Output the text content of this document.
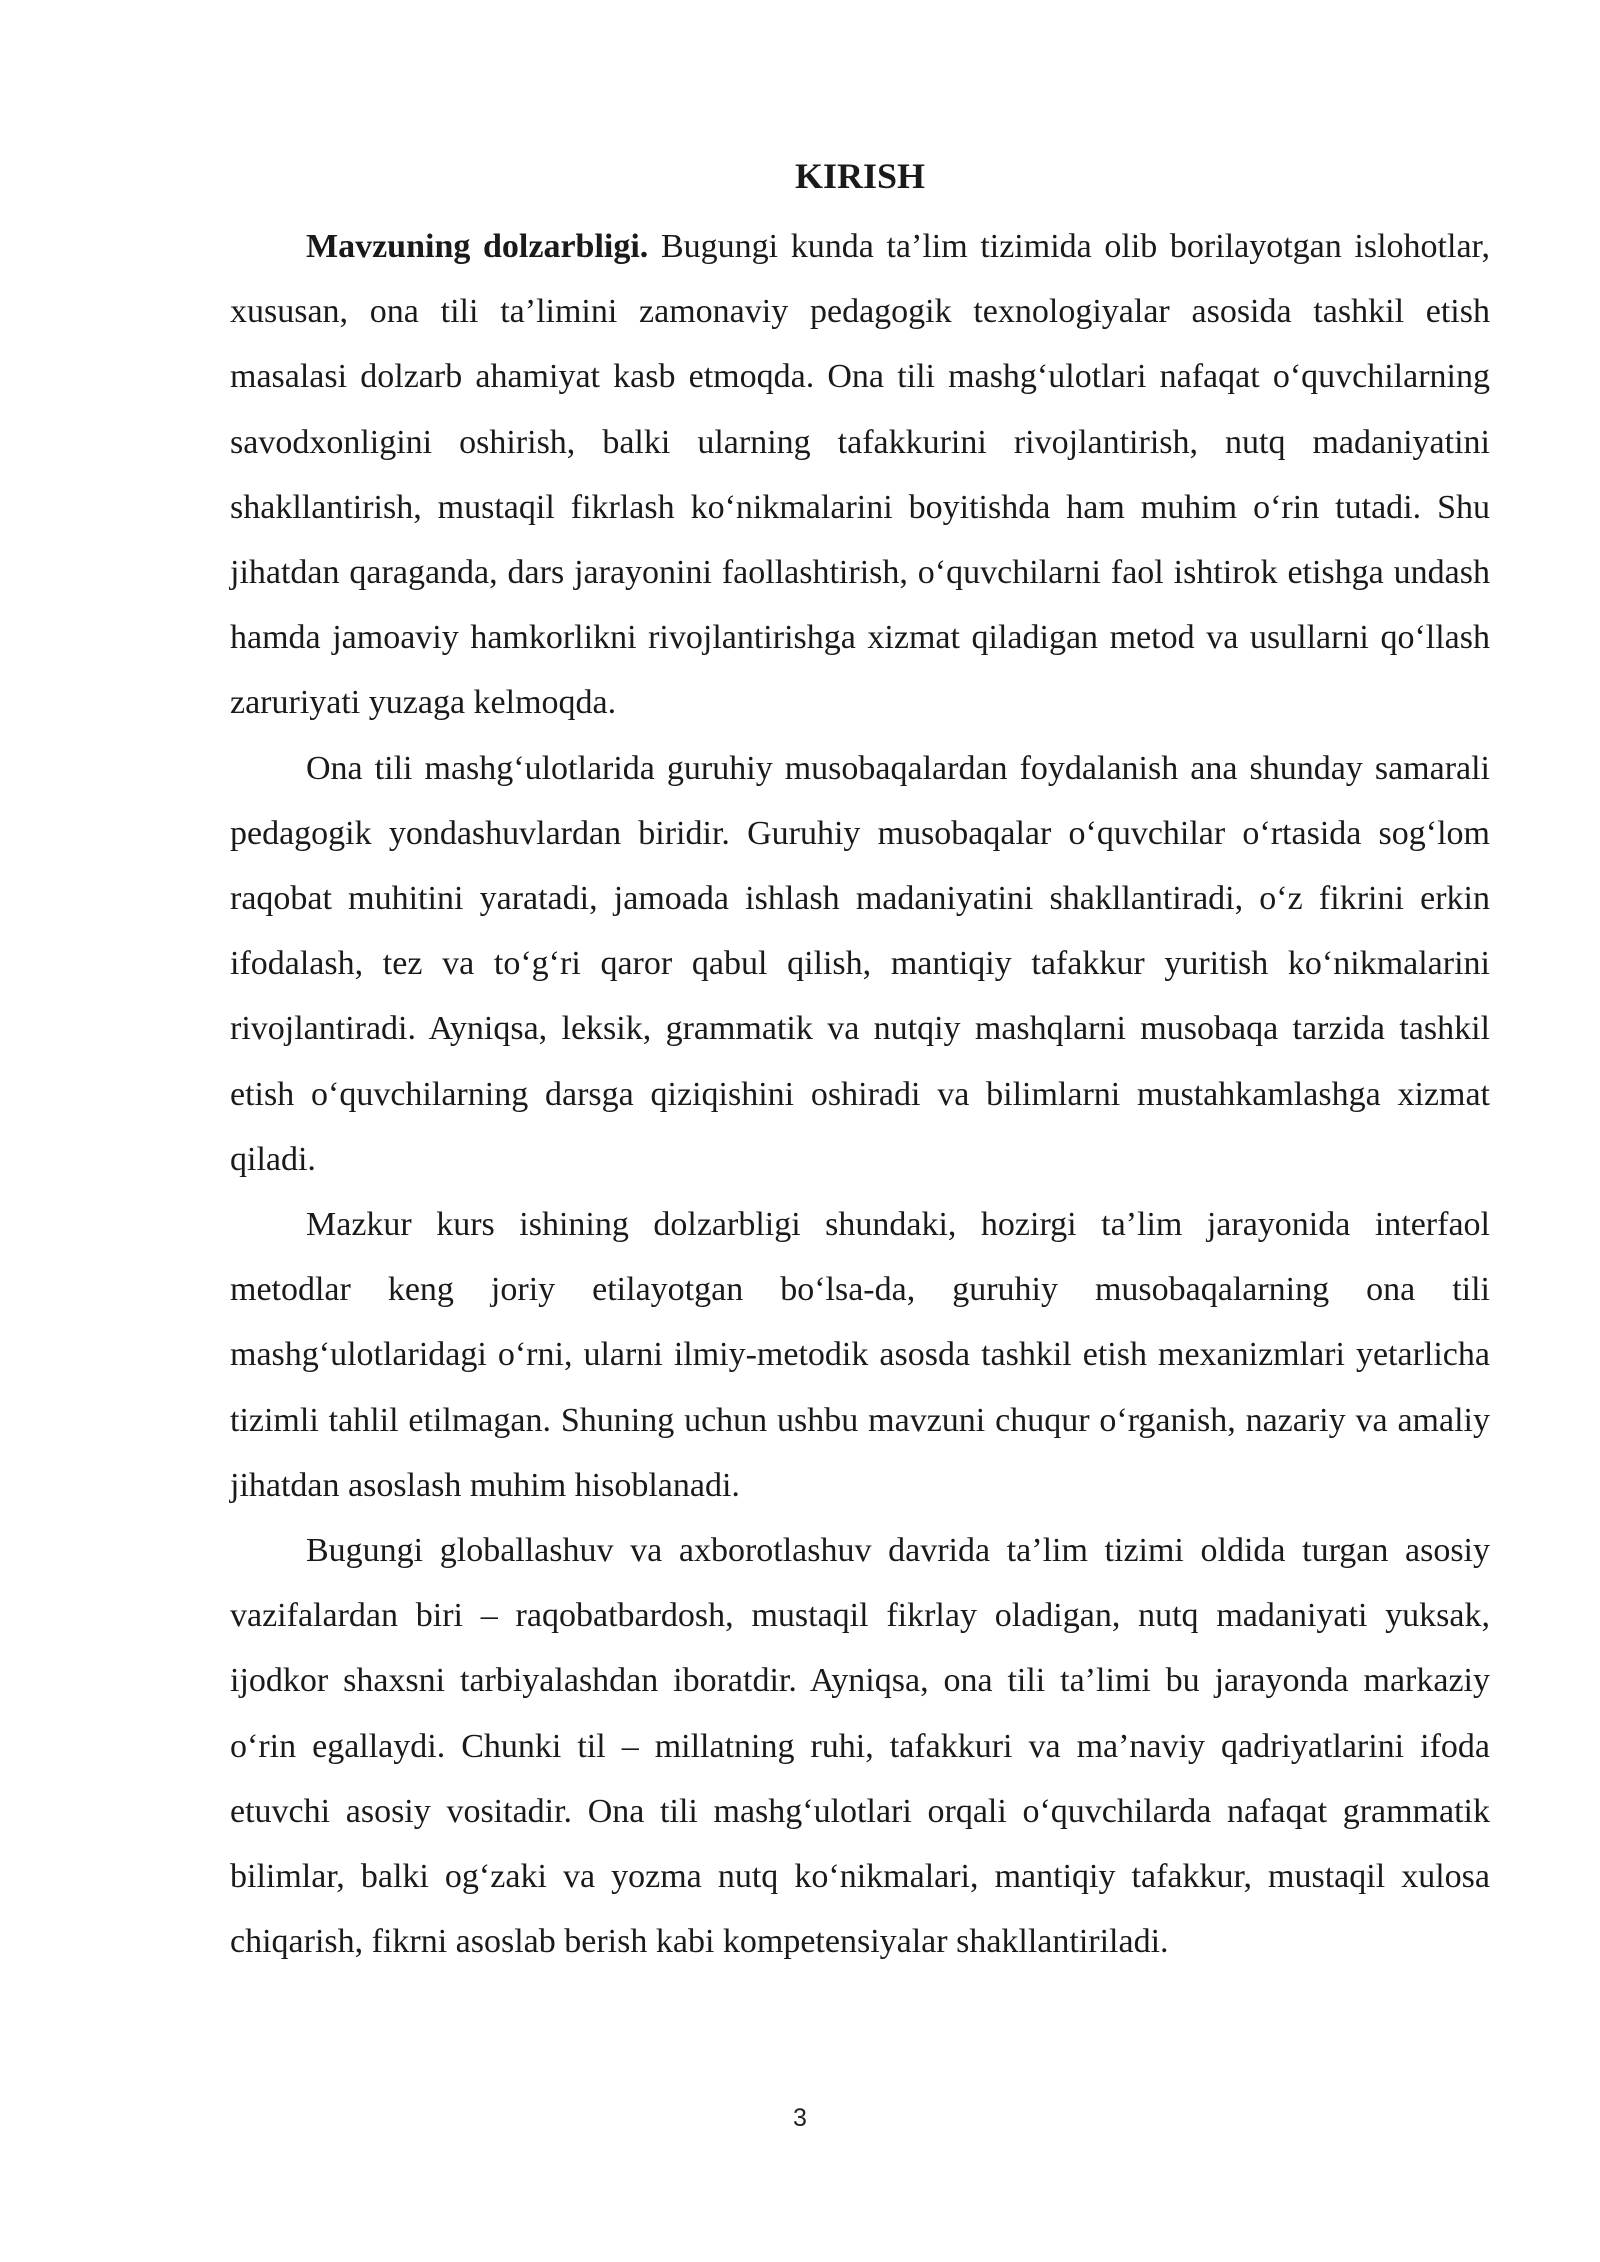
KIRISH

Mavzuning dolzarbligi. Bugungi kunda ta’lim tizimida olib borilayotgan islohotlar, xususan, ona tili ta’limini zamonaviy pedagogik texnologiyalar asosida tashkil etish masalasi dolzarb ahamiyat kasb etmoqda. Ona tili mashg‘ulotlari nafaqat o‘quvchilarning savodxonligini oshirish, balki ularning tafakkurini rivojlantirish, nutq madaniyatini shakllantirish, mustaqil fikrlash ko‘nikmalarini boyitishda ham muhim o‘rin tutadi. Shu jihatdan qaraganda, dars jarayonini faollashtirish, o‘quvchilarni faol ishtirok etishga undash hamda jamoaviy hamkorlikni rivojlantirishga xizmat qiladigan metod va usullarni qo‘llash zaruriyati yuzaga kelmoqda.

Ona tili mashg‘ulotlarida guruhiy musobaqalardan foydalanish ana shunday samarali pedagogik yondashuvlardan biridir. Guruhiy musobaqalar o‘quvchilar o‘rtasida sog‘lom raqobat muhitini yaratadi, jamoada ishlash madaniyatini shakllantiradi, o‘z fikrini erkin ifodalash, tez va to‘g‘ri qaror qabul qilish, mantiqiy tafakkur yuritish ko‘nikmalarini rivojlantiradi. Ayniqsa, leksik, grammatik va nutqiy mashqlarni musobaqa tarzida tashkil etish o‘quvchilarning darsga qiziqishini oshiradi va bilimlarni mustahkamlashga xizmat qiladi.

Mazkur kurs ishining dolzarbligi shundaki, hozirgi ta’lim jarayonida interfaol metodlar keng joriy etilayotgan bo‘lsa-da, guruhiy musobaqalarning ona tili mashg‘ulotlaridagi o‘rni, ularni ilmiy-metodik asosda tashkil etish mexanizmlari yetarlicha tizimli tahlil etilmagan. Shuning uchun ushbu mavzuni chuqur o‘rganish, nazariy va amaliy jihatdan asoslash muhim hisoblanadi.

Bugungi globallashuv va axborotlashuv davrida ta’lim tizimi oldida turgan asosiy vazifalardan biri – raqobatbardosh, mustaqil fikrlay oladigan, nutq madaniyati yuksak, ijodkor shaxsni tarbiyalashdan iboratdir. Ayniqsa, ona tili ta’limi bu jarayonda markaziy o‘rin egallaydi. Chunki til – millatning ruhi, tafakkuri va ma’naviy qadriyatlarini ifoda etuvchi asosiy vositadir. Ona tili mashg‘ulotlari orqali o‘quvchilarda nafaqat grammatik bilimlar, balki og‘zaki va yozma nutq ko‘nikmalari, mantiqiy tafakkur, mustaqil xulosa chiqarish, fikrni asoslab berish kabi kompetensiyalar shakllantiriladi.

3
